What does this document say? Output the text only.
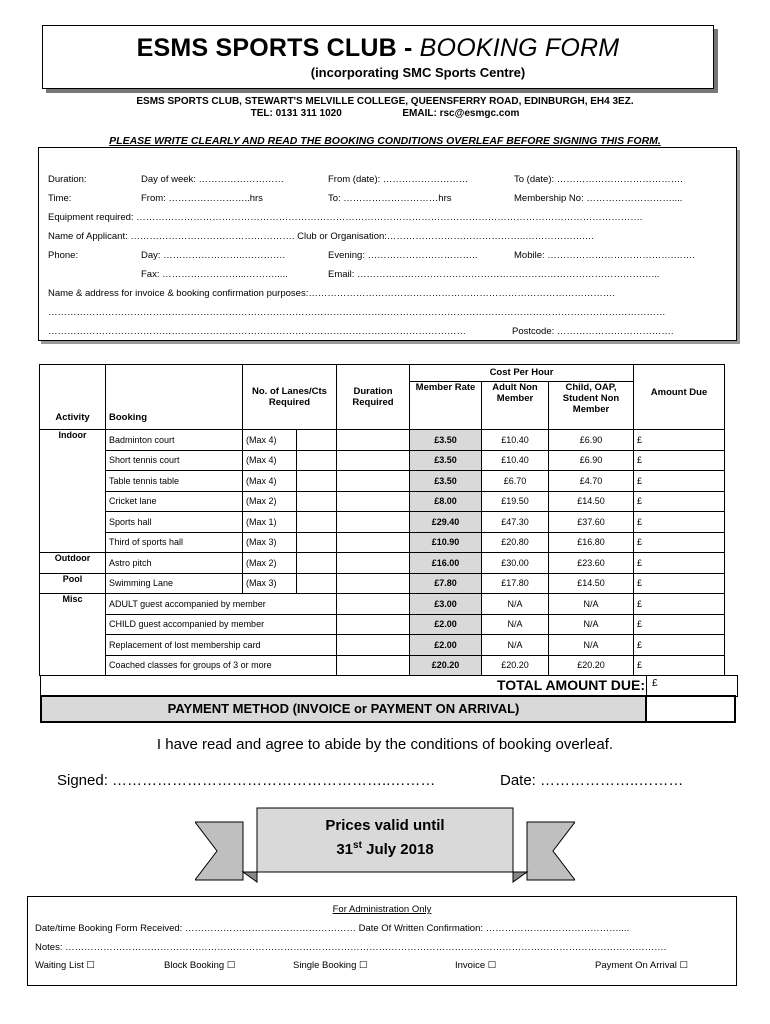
ESMS SPORTS CLUB - BOOKING FORM
(incorporating SMC Sports Centre)
ESMS SPORTS CLUB, STEWART'S MELVILLE COLLEGE, QUEENSFERRY ROAD, EDINBURGH, EH4 3EZ.
TEL: 0131 311 1020	EMAIL: rsc@esmgc.com
PLEASE WRITE CLEARLY AND READ THE BOOKING CONDITIONS OVERLEAF BEFORE SIGNING THIS FORM.
Duration:	Day of week: ………………………	From (date): ………………………	To (date): ………………………………….
Time:	From: ……………………..hrs	To: …………………………hrs	Membership No: ………………………....
Equipment required: …………………………………………………………………………………………………………………………………………….
Name of Applicant: ……………………………………………. Club or Organisation:……………………………………..……………….…
Phone:	Day: ……………………..………….	Evening: ……………………………..	Mobile: ………………………………….…….
Fax: ……………………...……….....	Email: …………………………………………………………………………………...
Name & address for invoice & booking confirmation purposes:…………………………………………………………………………………….
……………………………………………………………………………………………………………………………………………………………………………
……………………………………………………………………………………………………………………	Postcode: ……………………………….
Activity	Booking	No. of Lanes/Cts Required		Duration Required	Cost Per Hour			Amount Due
					Member Rate	Adult Non Member	Child, OAP, Student Non Member	
Indoor	Badminton court	(Max 4)			£3.50	£10.40	£6.90	£
	Short tennis court	(Max 4)			£3.50	£10.40	£6.90	£
	Table tennis table	(Max 4)			£3.50	£6.70	£4.70	£
	Cricket lane	(Max 2)			£8.00	£19.50	£14.50	£
	Sports hall	(Max 1)			£29.40	£47.30	£37.60	£
	Third of sports hall	(Max 3)			£10.90	£20.80	£16.80	£
Outdoor	Astro pitch	(Max 2)			£16.00	£30.00	£23.60	£
Pool	Swimming Lane	(Max 3)			£7.80	£17.80	£14.50	£
Misc	ADULT guest accompanied by member				£3.00	N/A	N/A	£
	CHILD guest accompanied by member				£2.00	N/A	N/A	£
	Replacement of lost membership card				£2.00	N/A	N/A	£
	Coached classes for groups of 3 or more				£20.20	£20.20	£20.20	£
TOTAL AMOUNT DUE: £
PAYMENT METHOD (INVOICE or PAYMENT ON ARRIVAL)
I have read and agree to abide by the conditions of booking overleaf.
Signed: ………………………………………………..………	Date: ………………..………
Prices valid until
31st July 2018
For Administration Only
Date/time Booking Form Received: ……………………………………………… Date Of Written Confirmation: ……………………………………....
Notes: ……………………………………………………………………………………………………………………………………………………………………….
Waiting List ☐	Block Booking ☐	Single Booking ☐	Invoice ☐	Payment On Arrival ☐
